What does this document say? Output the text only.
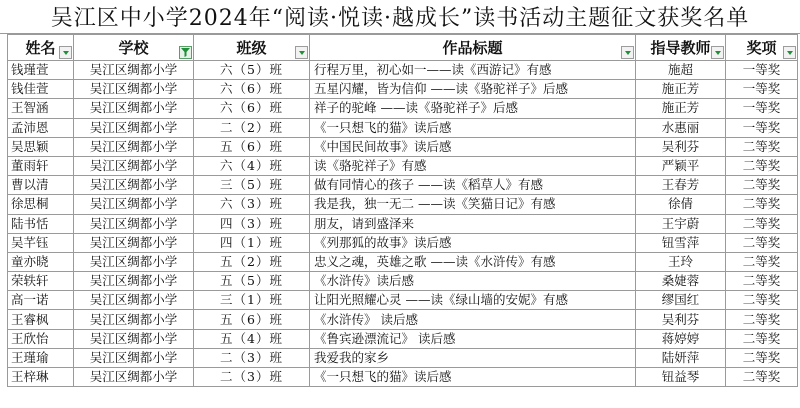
吴江区中小学2024年“阅读·悦读·越成长”读书活动主题征文获奖名单
姓名	学校	班级	作品标题	指导教师	奖项

钱瑾萱	吴江区绸都小学	六（5）班	行程万里，初心如一——读《西游记》有感	施超	一等奖
钱佳萱	吴江区绸都小学	六（6）班	五星闪耀，皆为信仰 ——读《骆驼祥子》后感	施正芳	一等奖
王智涵	吴江区绸都小学	六（6）班	祥子的驼峰 ——读《骆驼祥子》后感	施正芳	一等奖
孟沛恩	吴江区绸都小学	二（2）班	《一只想飞的猫》读后感	水惠丽	一等奖
吴思颖	吴江区绸都小学	五（6）班	《中国民间故事》读后感	吴利芬	二等奖
董雨轩	吴江区绸都小学	六（4）班	读《骆驼祥子》有感	严颖平	二等奖
曹以清	吴江区绸都小学	三（5）班	做有同情心的孩子 ——读《稻草人》有感	王春芳	二等奖
徐思桐	吴江区绸都小学	六（3）班	我是我，独一无二 ——读《笑猫日记》有感	徐倩	二等奖
陆书恬	吴江区绸都小学	四（3）班	朋友，请到盛泽来	王宇蔚	二等奖
吴芊钰	吴江区绸都小学	四（1）班	《列那狐的故事》读后感	钮雪萍	二等奖
童亦晓	吴江区绸都小学	五（2）班	忠义之魂，英雄之歌 ——读《水浒传》有感	王玲	二等奖
荣轶轩	吴江区绸都小学	五（5）班	《水浒传》读后感	桑婕蓉	二等奖
高一诺	吴江区绸都小学	三（1）班	让阳光照耀心灵 ——读《绿山墙的安妮》有感	缪国红	二等奖
王睿枫	吴江区绸都小学	五（6）班	《水浒传》 读后感	吴利芬	二等奖
王欣怡	吴江区绸都小学	五（4）班	《鲁宾逊漂流记》 读后感	蒋婷婷	二等奖
王瑾瑜	吴江区绸都小学	二（3）班	我爱我的家乡	陆妍萍	二等奖
王梓琳	吴江区绸都小学	二（3）班	《一只想飞的猫》读后感	钮益琴	二等奖
